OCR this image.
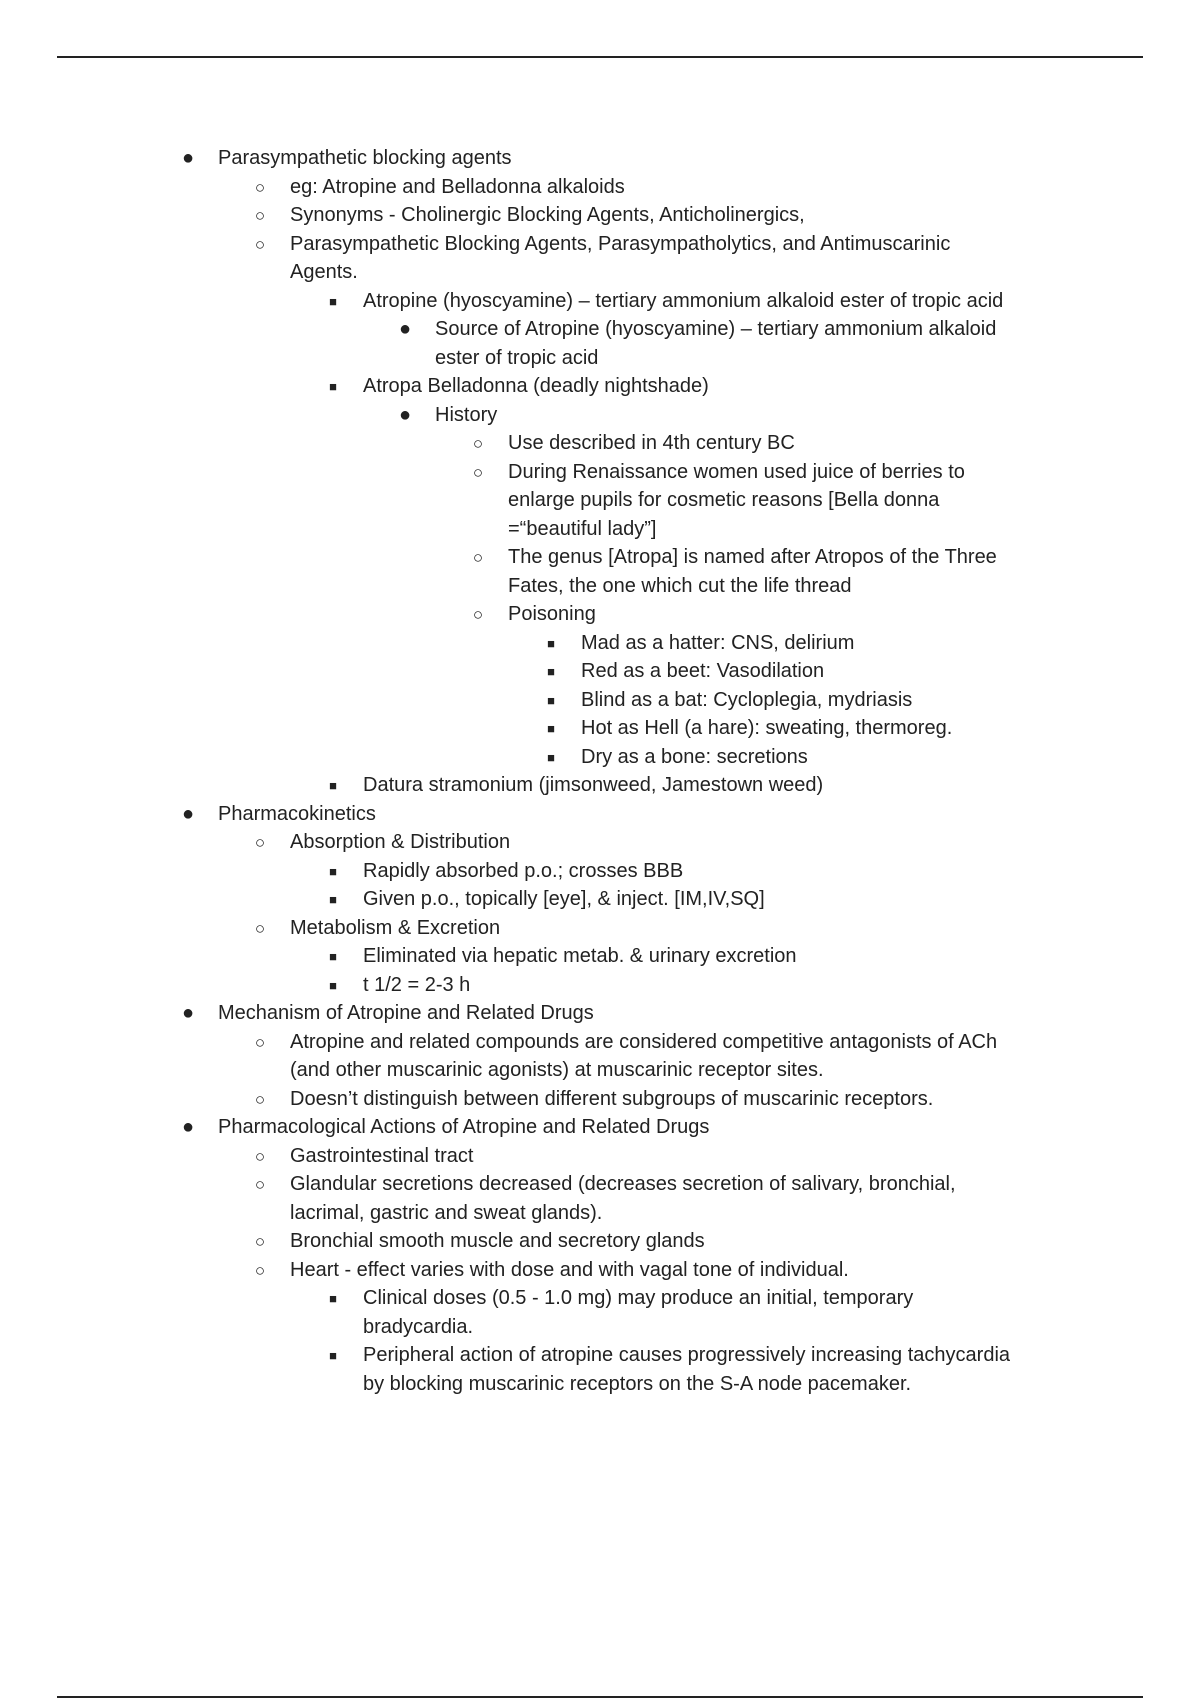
● Parasympathetic blocking agents
○ eg: Atropine and Belladonna alkaloids
○ Synonyms - Cholinergic Blocking Agents, Anticholinergics,
○ Parasympathetic Blocking Agents, Parasympatholytics, and Antimuscarinic
Agents.
■	Atropine (hyoscyamine) – tertiary ammonium alkaloid ester of tropic acid
● Source of Atropine (hyoscyamine) – tertiary ammonium alkaloid
ester of tropic acid
■	Atropa Belladonna (deadly nightshade)
● History
○ Use described in 4th century BC
○ During Renaissance women used juice of berries to
enlarge pupils for cosmetic reasons [Bella donna
=“beautiful lady”]
○ The genus [Atropa] is named after Atropos of the Three
Fates, the one which cut the life thread
○ Poisoning
■	Mad as a hatter: CNS, delirium
■	Red as a beet: Vasodilation
■	Blind as a bat: Cycloplegia, mydriasis
■	Hot as Hell (a hare): sweating, thermoreg.
■	Dry as a bone: secretions
■	Datura stramonium (jimsonweed, Jamestown weed)
● Pharmacokinetics
○ Absorption & Distribution
■	Rapidly absorbed p.o.; crosses BBB
■	Given p.o., topically [eye], & inject. [IM,IV,SQ]
○ Metabolism & Excretion
■	Eliminated via hepatic metab. & urinary excretion
■	t 1/2 = 2-3 h
● Mechanism of Atropine and Related Drugs
○ Atropine and related compounds are considered competitive antagonists of ACh
(and other muscarinic agonists) at muscarinic receptor sites.
○ Doesn’t distinguish between different subgroups of muscarinic receptors.
● Pharmacological Actions of Atropine and Related Drugs
○ Gastrointestinal tract
○ Glandular secretions decreased (decreases secretion of salivary, bronchial,
lacrimal, gastric and sweat glands).
○ Bronchial smooth muscle and secretory glands
○ Heart - effect varies with dose and with vagal tone of individual.
■	Clinical doses (0.5 - 1.0 mg) may produce an initial, temporary
bradycardia.
■	Peripheral action of atropine causes progressively increasing tachycardia
by blocking muscarinic receptors on the S-A node pacemaker.
